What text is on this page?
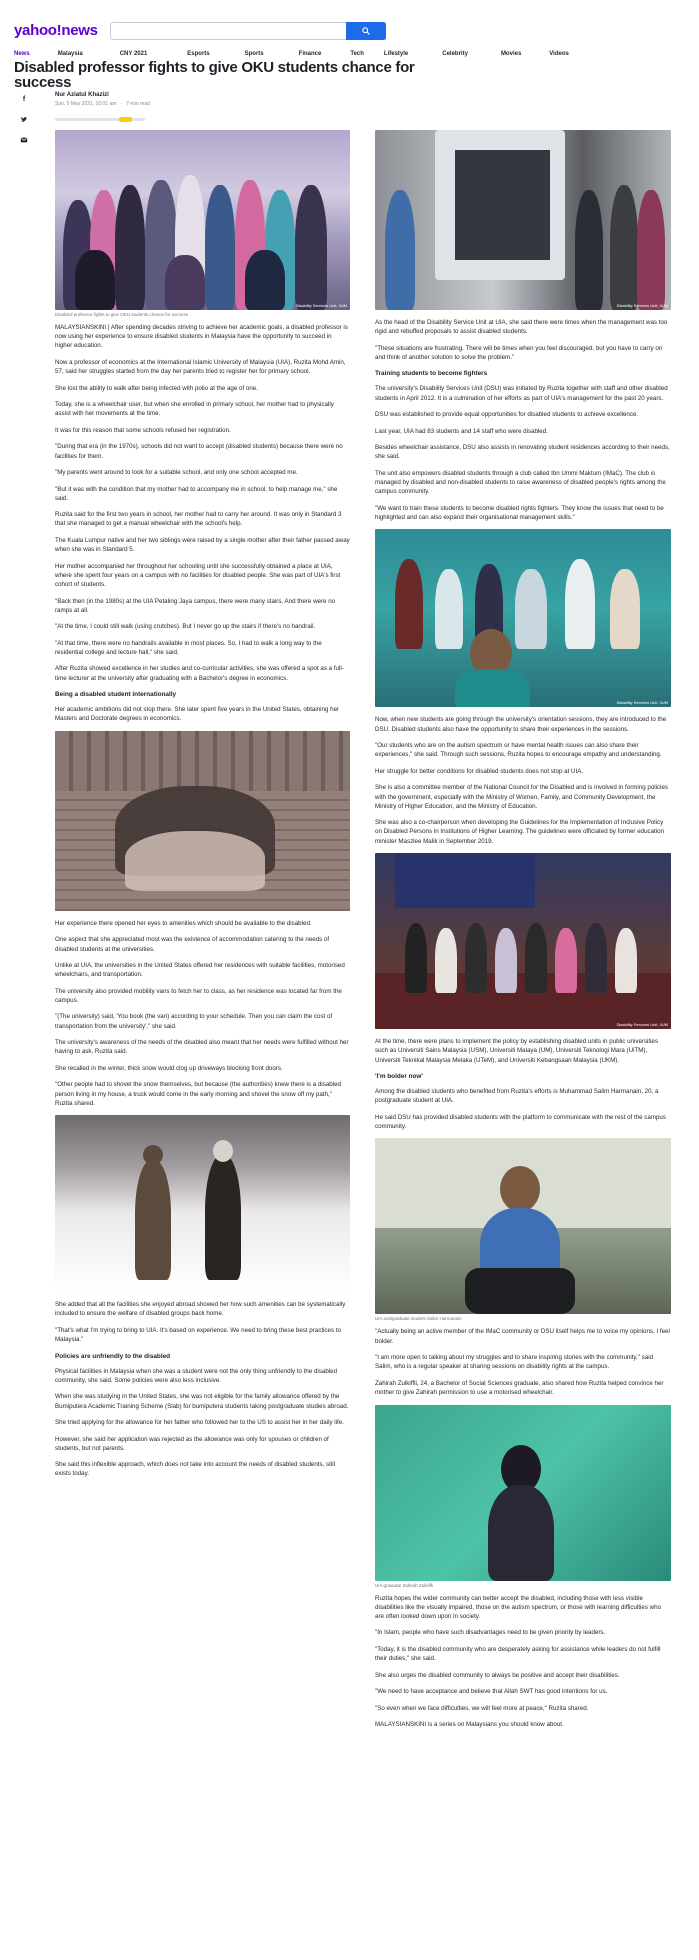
yahoo!news
News	Malaysia	CNY 2021	Esports	Sports	Finance	Tech	Lifestyle	Celebrity	Movies	Videos
Disabled professor fights to give OKU students chance for success
f
Nur Aziatul Khazizi
Sun, 5 May 2021, 10:01 am · 7-min read
Disability Services Unit, IIUM
Disabled professor fights to give OKU students chance for success

MALAYSIANSKINI | After spending decades striving to achieve her academic goals, a disabled professor is now using her experience to ensure disabled students in Malaysia have the opportunity to succeed in higher education.

Now a professor of economics at the International Islamic University of Malaysia (UIA), Ruzita Mohd Amin, 57, said her struggles started from the day her parents tried to register her for primary school.

She lost the ability to walk after being infected with polio at the age of one.

Today, she is a wheelchair user, but when she enrolled in primary school, her mother had to physically assist with her movements at the time.

It was for this reason that some schools refused her registration.

"During that era (in the 1970s), schools did not want to accept (disabled students) because there were no facilities for them.

"My parents went around to look for a suitable school, and only one school accepted me.

"But it was with the condition that my mother had to accompany me in school, to help manage me," she said.

Ruzita said for the first two years in school, her mother had to carry her around. It was only in Standard 3 that she managed to get a manual wheelchair with the school's help.

The Kuala Lumpur native and her two siblings were raised by a single mother after their father passed away when she was in Standard 5.

Her mother accompanied her throughout her schooling until she successfully obtained a place at UIA, where she spent four years on a campus with no facilities for disabled people. She was part of UIA's first cohort of students.

"Back then (in the 1980s) at the UIA Petaling Jaya campus, there were many stairs. And there were no ramps at all.

"At the time, I could still walk (using crutches). But I never go up the stairs if there's no handrail.

"At that time, there were no handrails available in most places. So, I had to walk a long way to the residential college and lecture hall," she said.

After Ruzita showed excellence in her studies and co-curricular activities, she was offered a spot as a full-time lecturer at the university after graduating with a Bachelor's degree in economics.

Being a disabled student internationally

Her academic ambitions did not stop there. She later spent five years in the United States, obtaining her Masters and Doctorate degrees in economics.

Her experience there opened her eyes to amenities which should be available to the disabled.

One aspect that she appreciated most was the existence of accommodation catering to the needs of disabled students at the universities.

Unlike at UIA, the universities in the United States offered her residences with suitable facilities, motorised wheelchairs, and transportation.

The university also provided mobility vans to fetch her to class, as her residence was located far from the campus.

"(The university) said, 'You book (the van) according to your schedule. Then you can claim the cost of transportation from the university'," she said.

The university's awareness of the needs of the disabled also meant that her needs were fulfilled without her having to ask, Ruzita said.

She recalled in the winter, thick snow would clog up driveways blocking front doors.

"Other people had to shovel the snow themselves, but because (the authorities) knew there is a disabled person living in my house, a truck would come in the early morning and shovel the snow off my path," Ruzita shared.

She added that all the facilities she enjoyed abroad showed her how such amenities can be systematically included to ensure the welfare of disabled groups back home.

"That's what I'm trying to bring to UIA. It's based on experience. We need to bring these best practices to Malaysia."

Policies are unfriendly to the disabled

Physical facilities in Malaysia when she was a student were not the only thing unfriendly to the disabled community, she said. Some policies were also less inclusive.

When she was studying in the United States, she was not eligible for the family allowance offered by the Bumiputera Academic Training Scheme (Slab) for bumiputera students taking postgraduate studies abroad.

She tried applying for the allowance for her father who followed her to the US to assist her in her daily life.

However, she said her application was rejected as the allowance was only for spouses or children of students, but not parents.

She said this inflexible approach, which does not take into account the needs of disabled students, still exists today.

Disability Services Unit, IIUM

As the head of the Disability Service Unit at UIA, she said there were times when the management was too rigid and rebuffed proposals to assist disabled students.

"These situations are frustrating. There will be times when you feel discouraged, but you have to carry on and think of another solution to solve the problem."

Training students to become fighters

The university's Disability Services Unit (DSU) was initiated by Ruzita together with staff and other disabled students in April 2012. It is a culmination of her efforts as part of UIA's management for the past 20 years.

DSU was established to provide equal opportunities for disabled students to achieve excellence.

Last year, UIA had 83 students and 14 staff who were disabled.

Besides wheelchair assistance, DSU also assists in renovating student residences according to their needs, she said.

The unit also empowers disabled students through a club called Ibn Ummi Maktum (IMaC). The club is managed by disabled and non-disabled students to raise awareness of disabled people's rights among the campus community.

"We want to train these students to become disabled rights fighters. They know the issues that need to be highlighted and can also expand their organisational management skills."

Disability Services Unit, IIUM

Now, when new students are going through the university's orientation sessions, they are introduced to the DSU. Disabled students also have the opportunity to share their experiences in the sessions.

"Our students who are on the autism spectrum or have mental health issues can also share their experiences," she said. Through such sessions, Ruzita hopes to encourage empathy and understanding.

Her struggle for better conditions for disabled students does not stop at UIA.

She is also a committee member of the National Council for the Disabled and is involved in forming policies with the government, especially with the Ministry of Women, Family, and Community Development, the Ministry of Higher Education, and the Ministry of Education.

She was also a co-chairperson when developing the Guidelines for the Implementation of Inclusive Policy on Disabled Persons in Institutions of Higher Learning. The guidelines were officiated by former education minister Maszlee Malik in September 2019.

Disability Services Unit, IIUM

At the time, there were plans to implement the policy by establishing disabled units in public universities such as Universiti Sains Malaysia (USM), Universiti Malaya (UM), Universiti Teknologi Mara (UiTM), Universiti Teknikal Malaysia Melaka (UTeM), and Universiti Kebangsaan Malaysia (UKM).

'I'm bolder now'

Among the disabled students who benefited from Ruzita's efforts is Muhammad Salim Harmanain, 20, a postgraduate student at UIA.

He said DSU has provided disabled students with the platform to communicate with the rest of the campus community.

UIA postgraduate student Salim Harmanain

"Actually being an active member of the IMaC community or DSU itself helps me to voice my opinions. I feel bolder.

"I am more open to talking about my struggles and to share inspiring stories with the community," said Salim, who is a regular speaker at sharing sessions on disability rights at the campus.

Zahirah Zulkiffli, 24, a Bachelor of Social Sciences graduate, also shared how Ruzita helped convince her mother to give Zahirah permission to use a motorised wheelchair.

UIA graduate Zahirah Zulkiffli

Ruzita hopes the wider community can better accept the disabled, including those with less visible disabilities like the visually impaired, those on the autism spectrum, or those with learning difficulties who are often looked down upon in society.

"In Islam, people who have such disadvantages need to be given priority by leaders.

"Today, it is the disabled community who are desperately asking for assistance while leaders do not fulfill their duties," she said.

She also urges the disabled community to always be positive and accept their disabilities.

"We need to have acceptance and believe that Allah SWT has good intentions for us.

"So even when we face difficulties, we will feel more at peace," Ruzita shared.

MALAYSIANSKINI is a series on Malaysians you should know about.
